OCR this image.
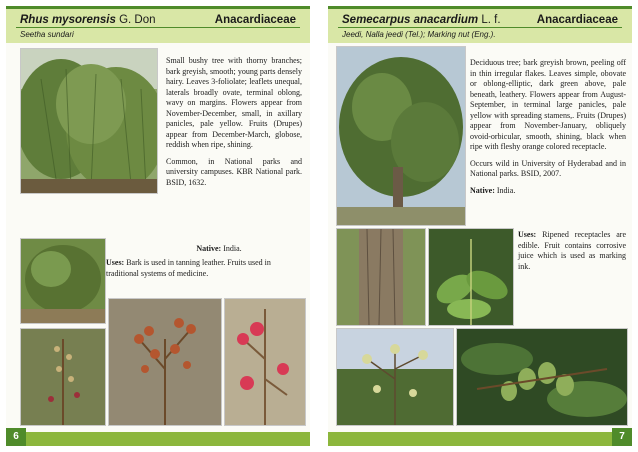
Rhus mysorensis G. Don	Anacardiaceae
Seetha sundari

Small bushy tree with thorny branches; bark greyish, smooth; young parts densely hairy. Leaves 3-foliolate; leaflets unequal, laterals broadly ovate, terminal oblong, wavy on margins. Flowers appear from November-December, small, in axillary panicles, pale yellow. Fruits (Drupes) appear from December-March, globose, reddish when ripe, shining.

Common, in National parks and university campuses. KBR National park. BSID, 1632.

Native: India.
Uses: Bark is used in tanning leather. Fruits used in traditional systems of medicine.
6
Semecarpus anacardium L. f.	Anacardiaceae
Jeedi, Nalla jeedi (Tel.); Marking nut (Eng.).

Deciduous tree; bark greyish brown, peeling off in thin irregular flakes. Leaves simple, obovate or oblong-elliptic, dark green above, pale beneath, leathery. Flowers appear from August-September, in terminal large panicles, pale yellow with spreading stamens,. Fruits (Drupes) appear from November-January, obliquely ovoid-orbicular, smooth, shining, black when ripe with fleshy orange colored receptacle.

Occurs wild in University of Hyderabad and in National parks. BSID, 2007.

Native: India.

Uses: Ripened receptacles are edible. Fruit contains corrosive juice which is used as marking ink.
7
